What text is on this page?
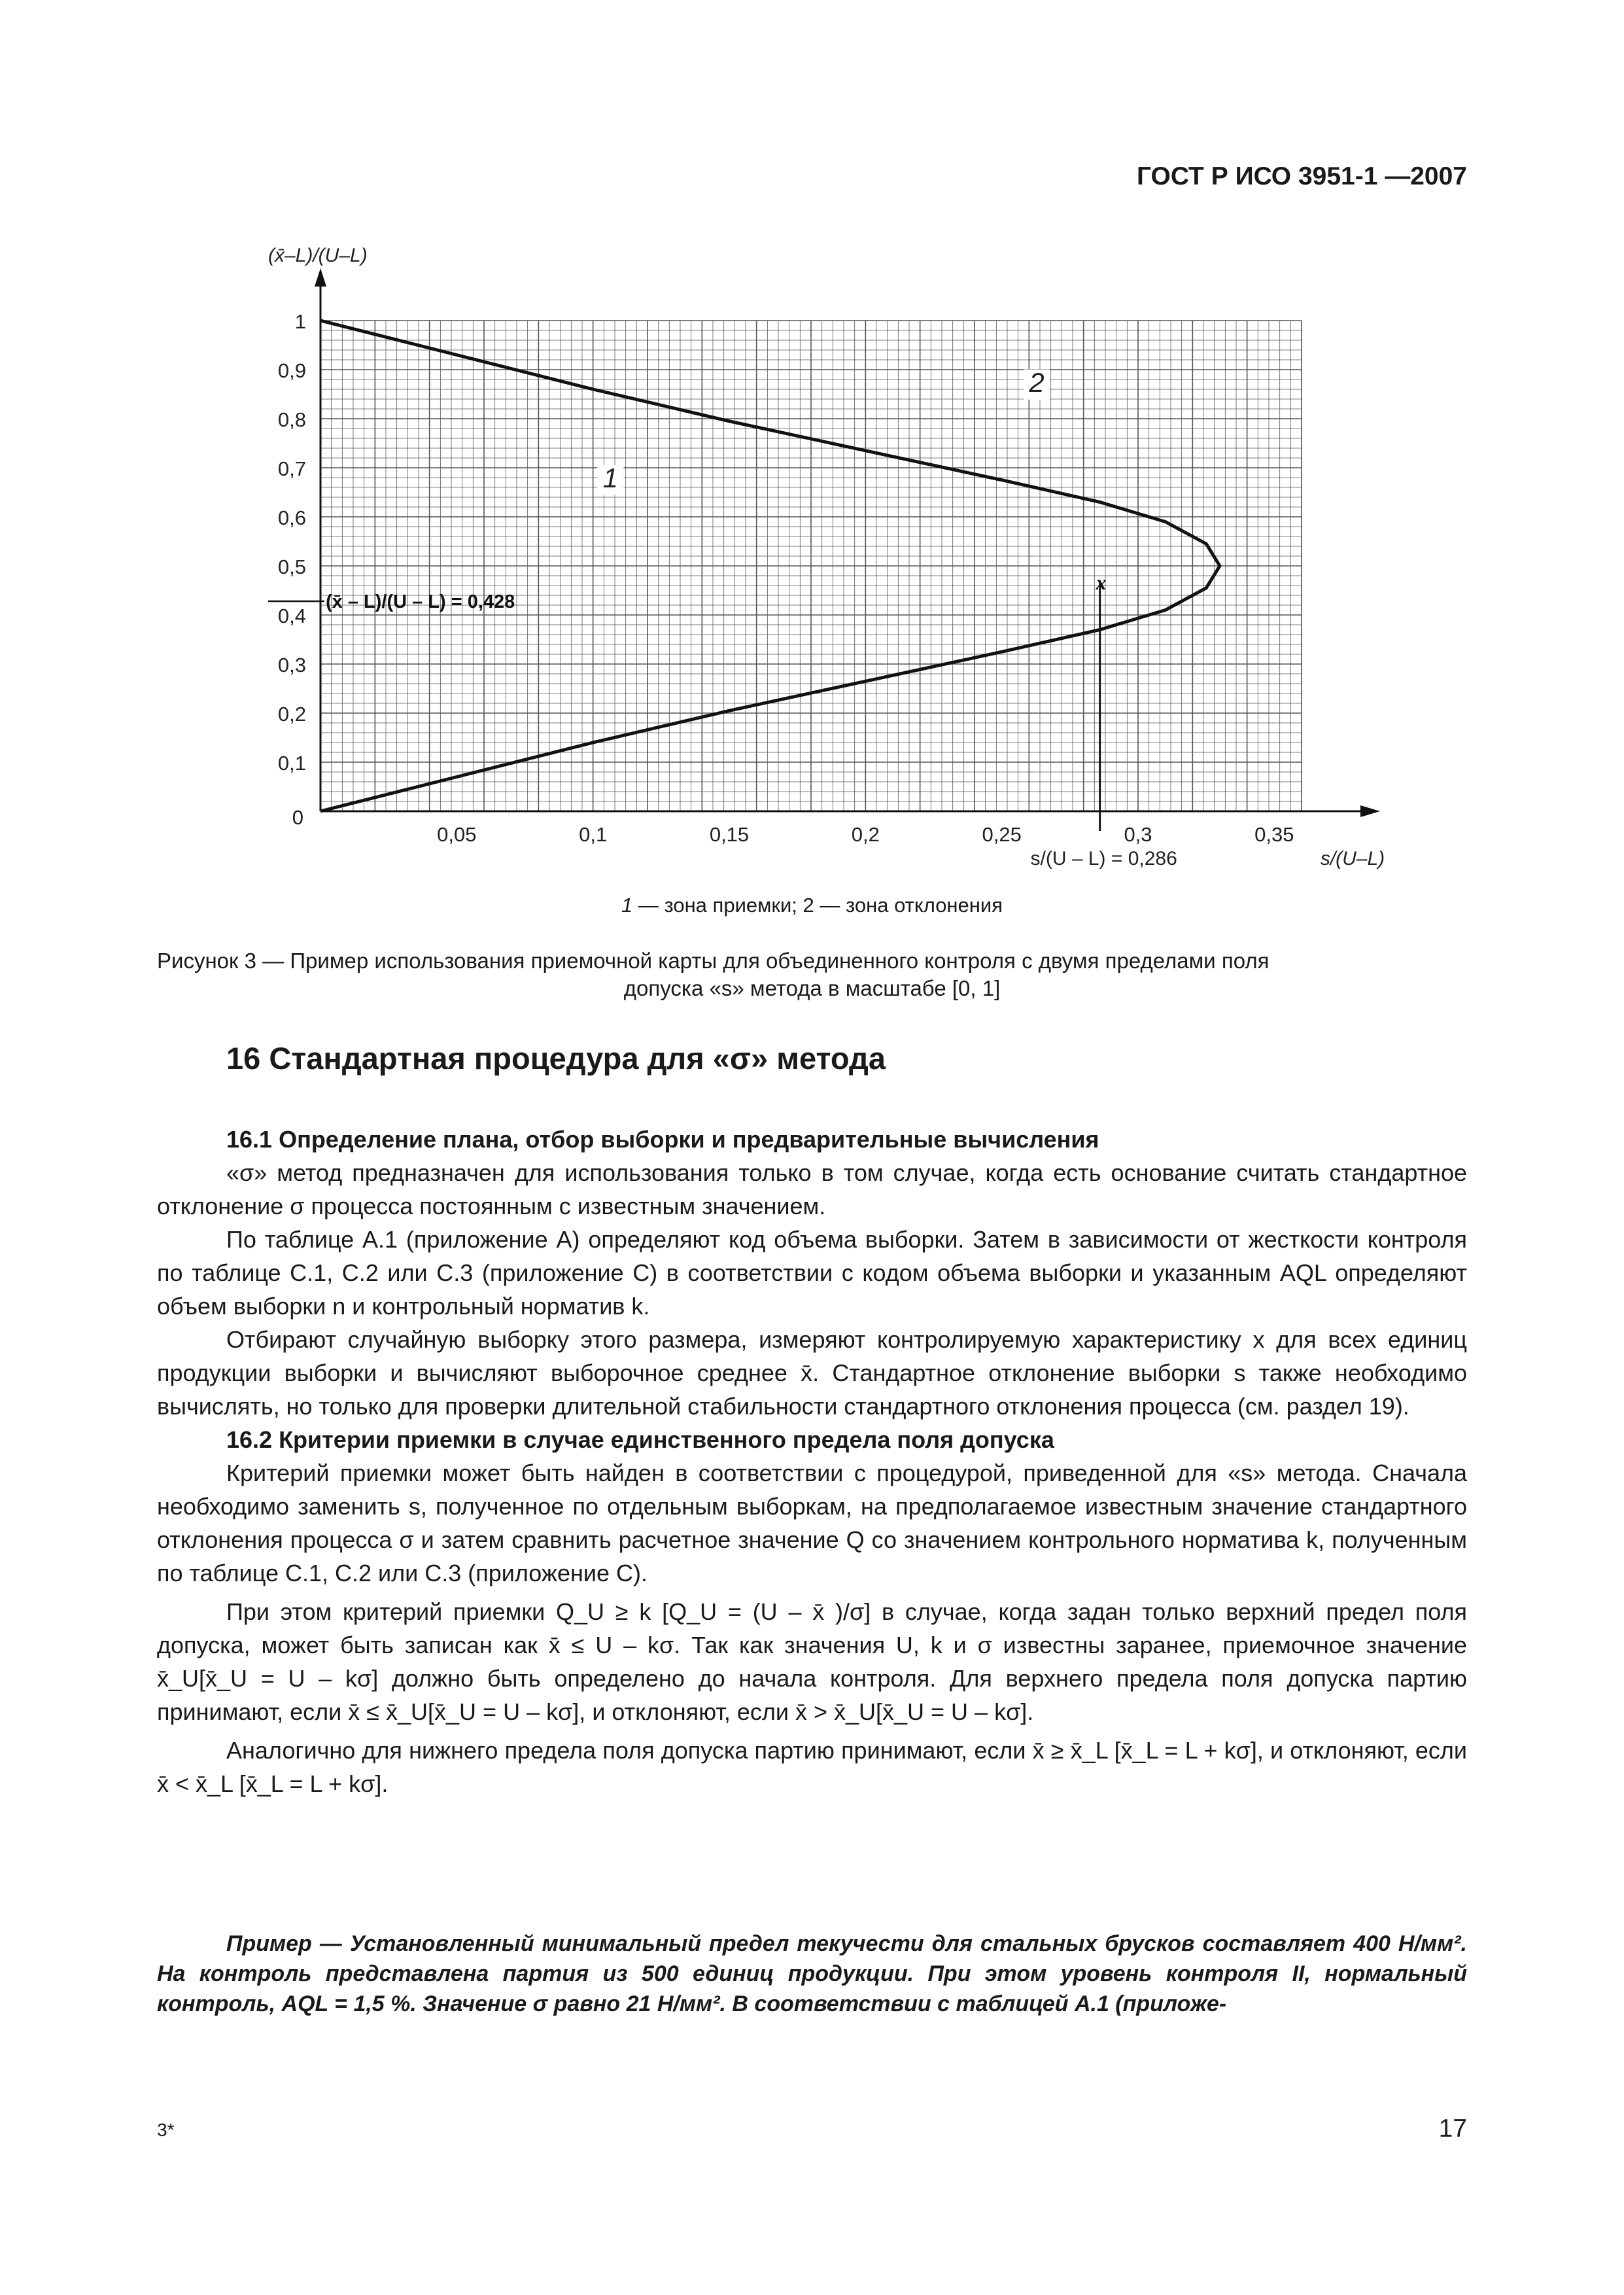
ГОСТ Р ИСО 3951-1 —2007
0
0,1
0,2
0,3
0,4
0,5
0,6
0,7
0,8
0,9
1
0,05	0,1	0,15	0,2	0,25	0,3	0,35
(x̄–L)/(U–L)
s/(U–L)
(x̄ – L)/(U – L) = 0,428
s/(U – L) = 0,286
x
1
2
1 — зона приемки; 2 — зона отклонения
Рисунок 3 — Пример использования приемочной карты для объединенного контроля с двумя пределами поля
допуска «s» метода в масштабе [0, 1]
16 Стандартная процедура для «σ» метода

16.1 Определение плана, отбор выборки и предварительные вычисления

«σ» метод предназначен для использования только в том случае, когда есть основание считать стандартное отклонение σ процесса постоянным с известным значением.

По таблице А.1 (приложение А) определяют код объема выборки. Затем в зависимости от жесткости контроля по таблице С.1, С.2 или С.3 (приложение С) в соответствии с кодом объема выборки и указанным AQL определяют объем выборки n и контрольный норматив k.

Отбирают случайную выборку этого размера, измеряют контролируемую характеристику x для всех единиц продукции выборки и вычисляют выборочное среднее x̄. Стандартное отклонение выборки s также необходимо вычислять, но только для проверки длительной стабильности стандартного отклонения процесса (см. раздел 19).

16.2 Критерии приемки в случае единственного предела поля допуска

Критерий приемки может быть найден в соответствии с процедурой, приведенной для «s» метода. Сначала необходимо заменить s, полученное по отдельным выборкам, на предполагаемое известным значение стандартного отклонения процесса σ и затем сравнить расчетное значение Q со значением контрольного норматива k, полученным по таблице С.1, С.2 или С.3 (приложение С).

При этом критерий приемки Q_U ≥ k [Q_U = (U – x̄ )/σ] в случае, когда задан только верхний предел поля допуска, может быть записан как x̄ ≤ U – kσ. Так как значения U, k и σ известны заранее, приемочное значение x̄_U[x̄_U = U – kσ] должно быть определено до начала контроля. Для верхнего предела поля допуска партию принимают, если x̄ ≤ x̄_U[x̄_U = U – kσ], и отклоняют, если x̄ > x̄_U[x̄_U = U – kσ].

Аналогично для нижнего предела поля допуска партию принимают, если x̄ ≥ x̄_L [x̄_L = L + kσ], и отклоняют, если x̄ < x̄_L [x̄_L = L + kσ].

Пример — Установленный минимальный предел текучести для стальных брусков составляет 400 Н/мм². На контроль представлена партия из 500 единиц продукции. При этом уровень контроля II, нормальный контроль, AQL = 1,5 %. Значение σ равно 21 Н/мм². В соответствии с таблицей А.1 (приложе-

3*	17
